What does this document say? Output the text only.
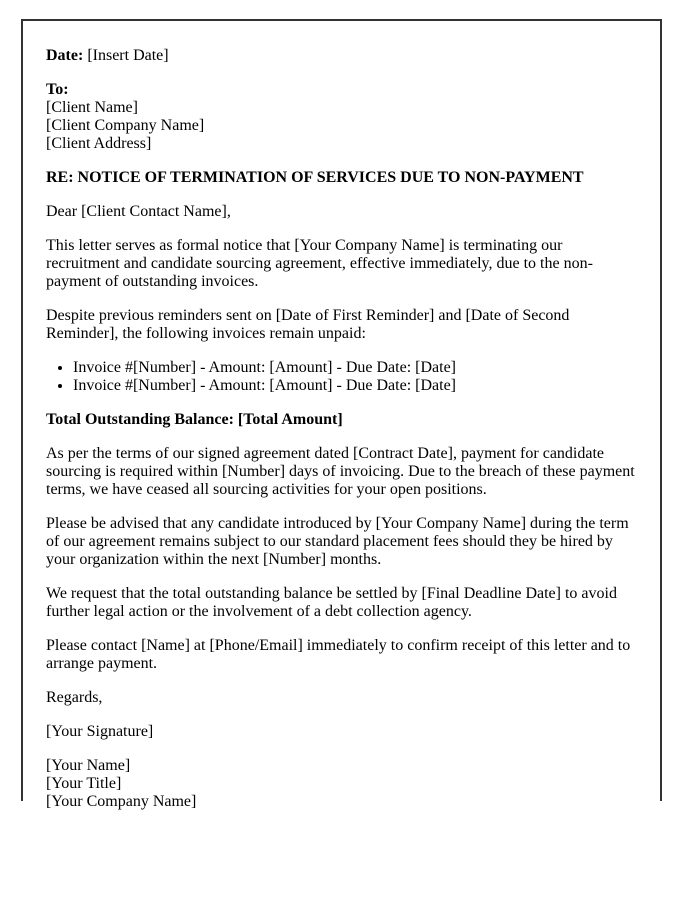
Date: [Insert Date]

To:
[Client Name]
[Client Company Name]
[Client Address]

RE: NOTICE OF TERMINATION OF SERVICES DUE TO NON-PAYMENT

Dear [Client Contact Name],

This letter serves as formal notice that [Your Company Name] is terminating our recruitment and candidate sourcing agreement, effective immediately, due to the non-payment of outstanding invoices.

Despite previous reminders sent on [Date of First Reminder] and [Date of Second Reminder], the following invoices remain unpaid:

• Invoice #[Number] - Amount: [Amount] - Due Date: [Date]
• Invoice #[Number] - Amount: [Amount] - Due Date: [Date]

Total Outstanding Balance: [Total Amount]

As per the terms of our signed agreement dated [Contract Date], payment for candidate sourcing is required within [Number] days of invoicing. Due to the breach of these payment terms, we have ceased all sourcing activities for your open positions.

Please be advised that any candidate introduced by [Your Company Name] during the term of our agreement remains subject to our standard placement fees should they be hired by your organization within the next [Number] months.

We request that the total outstanding balance be settled by [Final Deadline Date] to avoid further legal action or the involvement of a debt collection agency.

Please contact [Name] at [Phone/Email] immediately to confirm receipt of this letter and to arrange payment.

Regards,

[Your Signature]

[Your Name]
[Your Title]
[Your Company Name]
